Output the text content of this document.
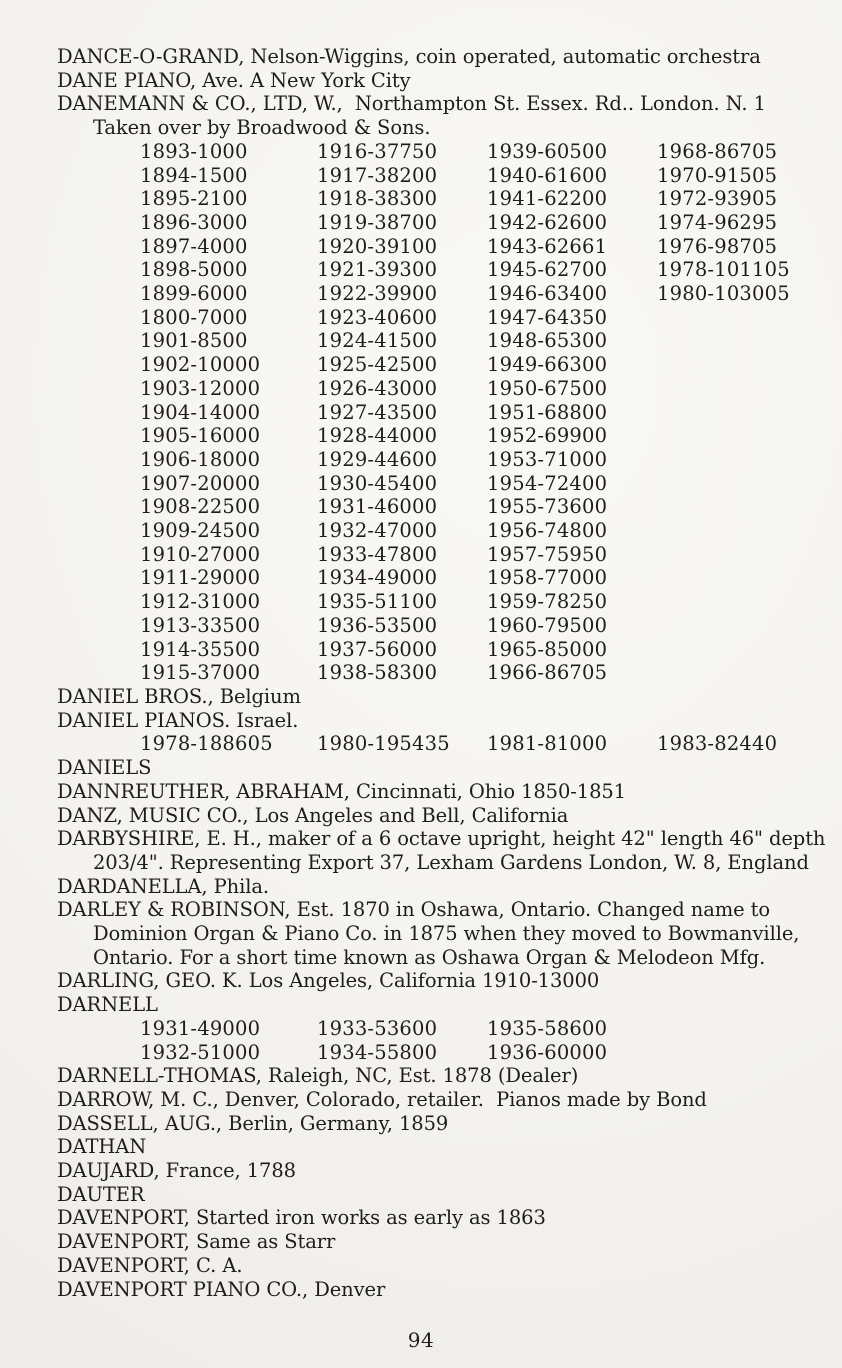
DANCE-O-GRAND, Nelson-Wiggins, coin operated, automatic orchestra
DANE PIANO, Ave. A New York City
DANEMANN & CO., LTD, W.,  Northampton St. Essex. Rd.. London. N. 1
Taken over by Broadwood & Sons.
1893-1000	1916-37750	1939-60500	1968-86705
1894-1500	1917-38200	1940-61600	1970-91505
1895-2100	1918-38300	1941-62200	1972-93905
1896-3000	1919-38700	1942-62600	1974-96295
1897-4000	1920-39100	1943-62661	1976-98705
1898-5000	1921-39300	1945-62700	1978-101105
1899-6000	1922-39900	1946-63400	1980-103005
1800-7000	1923-40600	1947-64350
1901-8500	1924-41500	1948-65300
1902-10000	1925-42500	1949-66300
1903-12000	1926-43000	1950-67500
1904-14000	1927-43500	1951-68800
1905-16000	1928-44000	1952-69900
1906-18000	1929-44600	1953-71000
1907-20000	1930-45400	1954-72400
1908-22500	1931-46000	1955-73600
1909-24500	1932-47000	1956-74800
1910-27000	1933-47800	1957-75950
1911-29000	1934-49000	1958-77000
1912-31000	1935-51100	1959-78250
1913-33500	1936-53500	1960-79500
1914-35500	1937-56000	1965-85000
1915-37000	1938-58300	1966-86705
DANIEL BROS., Belgium
DANIEL PIANOS. Israel.
1978-188605	1980-195435	1981-81000	1983-82440
DANIELS
DANNREUTHER, ABRAHAM, Cincinnati, Ohio 1850-1851
DANZ, MUSIC CO., Los Angeles and Bell, California
DARBYSHIRE, E. H., maker of a 6 octave upright, height 42" length 46" depth
203/4". Representing Export 37, Lexham Gardens London, W. 8, England
DARDANELLA, Phila.
DARLEY & ROBINSON, Est. 1870 in Oshawa, Ontario. Changed name to
Dominion Organ & Piano Co. in 1875 when they moved to Bowmanville,
Ontario. For a short time known as Oshawa Organ & Melodeon Mfg.
DARLING, GEO. K. Los Angeles, California 1910-13000
DARNELL
1931-49000	1933-53600	1935-58600
1932-51000	1934-55800	1936-60000
DARNELL-THOMAS, Raleigh, NC, Est. 1878 (Dealer)
DARROW, M. C., Denver, Colorado, retailer.  Pianos made by Bond
DASSELL, AUG., Berlin, Germany, 1859
DATHAN
DAUJARD, France, 1788
DAUTER
DAVENPORT, Started iron works as early as 1863
DAVENPORT, Same as Starr
DAVENPORT, C. A.
DAVENPORT PIANO CO., Denver
94
